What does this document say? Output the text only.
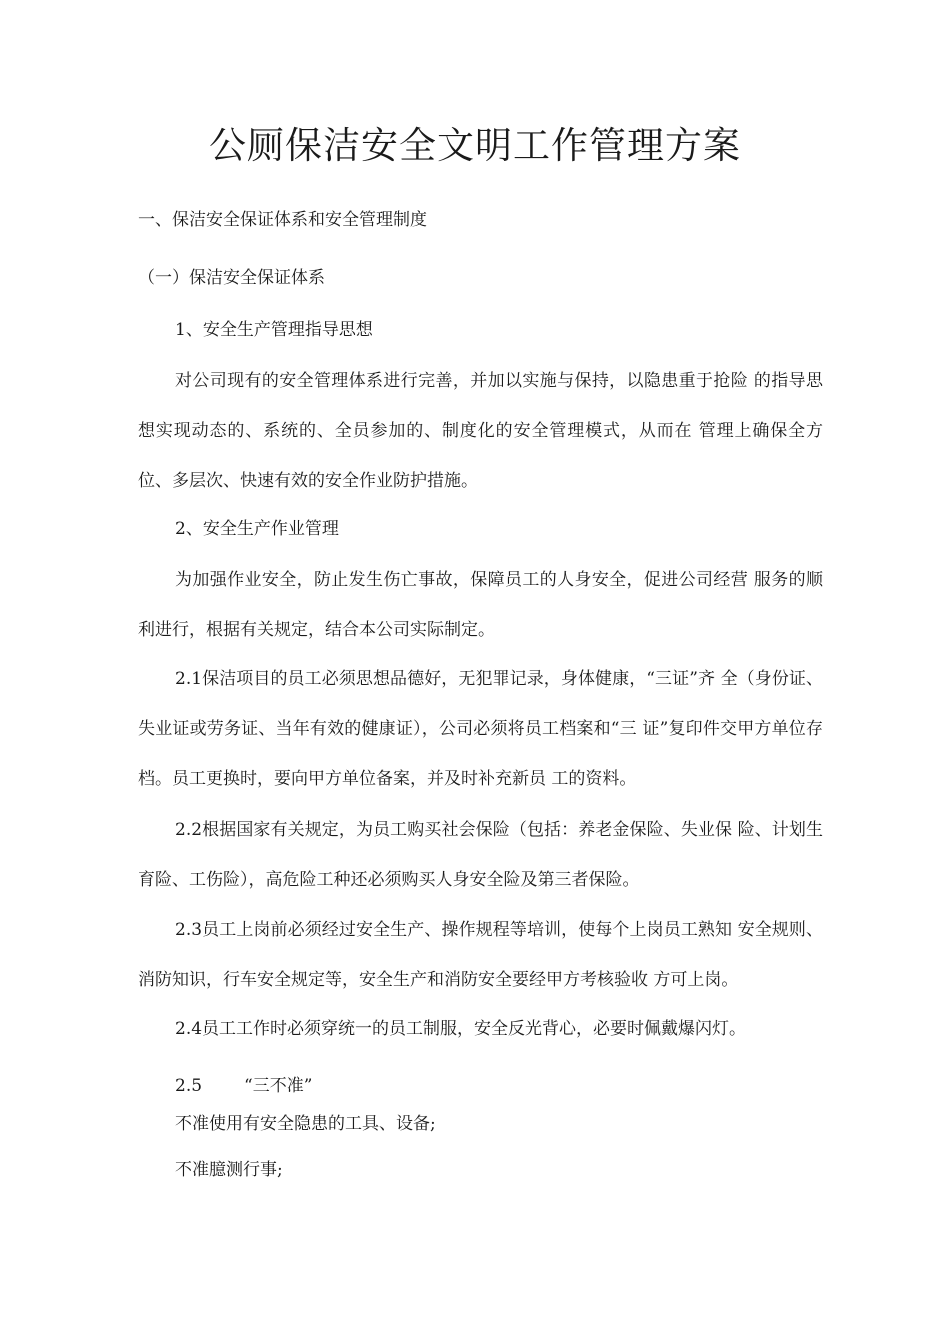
公厕保洁安全文明工作管理方案

一、保洁安全保证体系和安全管理制度

（一）保洁安全保证体系

1、安全生产管理指导思想

对公司现有的安全管理体系进行完善，并加以实施与保持，以隐患重于抢险 的指导思想实现动态的、系统的、全员参加的、制度化的安全管理模式，从而在 管理上确保全方位、多层次、快速有效的安全作业防护措施。

2、安全生产作业管理

为加强作业安全，防止发生伤亡事故，保障员工的人身安全，促进公司经营 服务的顺利进行，根据有关规定，结合本公司实际制定。

2.1保洁项目的员工必须思想品德好，无犯罪记录，身体健康，“三证”齐 全（身份证、失业证或劳务证、当年有效的健康证），公司必须将员工档案和“三 证”复印件交甲方单位存档。员工更换时，要向甲方单位备案，并及时补充新员 工的资料。

2.2根据国家有关规定，为员工购买社会保险（包括：养老金保险、失业保 险、计划生育险、工伤险），高危险工种还必须购买人身安全险及第三者保险。

2.3员工上岗前必须经过安全生产、操作规程等培训，使每个上岗员工熟知 安全规则、消防知识，行车安全规定等，安全生产和消防安全要经甲方考核验收 方可上岗。

2.4员工工作时必须穿统一的员工制服，安全反光背心，必要时佩戴爆闪灯。

2.5 “三不准”

不准使用有安全隐患的工具、设备;

不准臆测行事;
